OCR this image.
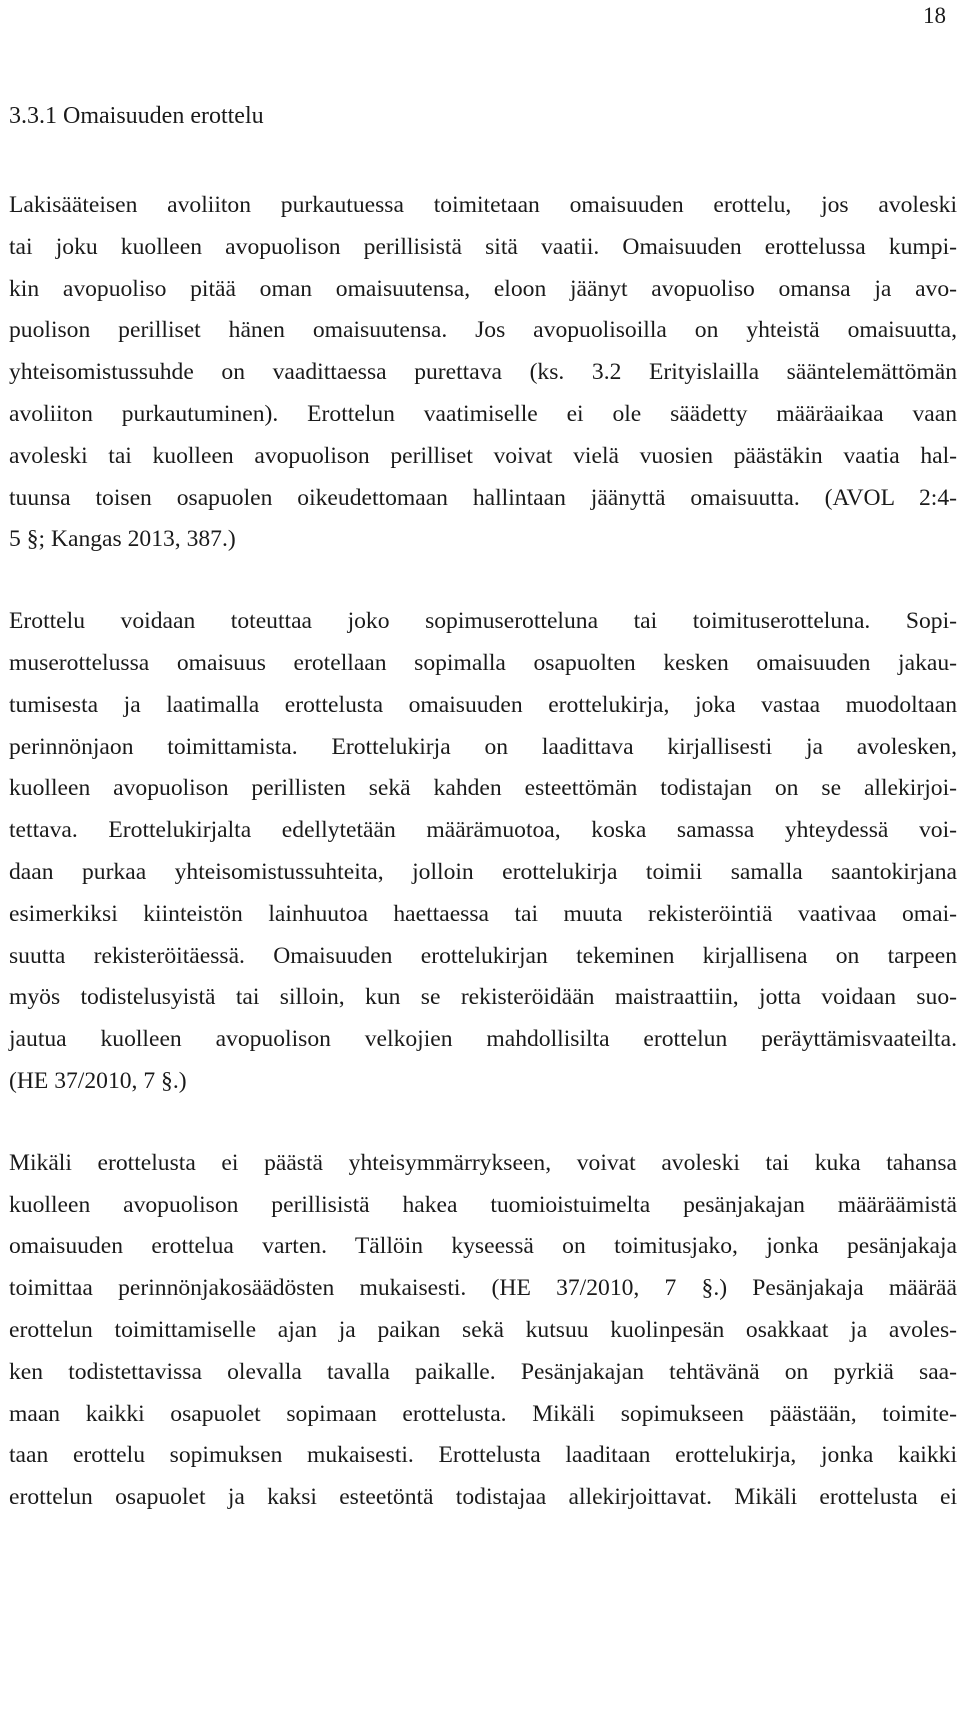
18
3.3.1 Omaisuuden erottelu

Lakisääteisen avoliiton purkautuessa toimitetaan omaisuuden erottelu, jos avoleski
tai joku kuolleen avopuolison perillisistä sitä vaatii. Omaisuuden erottelussa kumpi-
kin avopuoliso pitää oman omaisuutensa, eloon jäänyt avopuoliso omansa ja avo-
puolison perilliset hänen omaisuutensa. Jos avopuolisoilla on yhteistä omaisuutta,
yhteisomistussuhde on vaadittaessa purettava (ks. 3.2 Erityislailla sääntelemättömän
avoliiton purkautuminen). Erottelun vaatimiselle ei ole säädetty määräaikaa vaan
avoleski tai kuolleen avopuolison perilliset voivat vielä vuosien päästäkin vaatia hal-
tuunsa toisen osapuolen oikeudettomaan hallintaan jäänyttä omaisuutta. (AVOL 2:4-
5 §; Kangas 2013, 387.)

Erottelu voidaan toteuttaa joko sopimuserotteluna tai toimituserotteluna. Sopi-
muserottelussa omaisuus erotellaan sopimalla osapuolten kesken omaisuuden jakau-
tumisesta ja laatimalla erottelusta omaisuuden erottelukirja, joka vastaa muodoltaan
perinnönjaon toimittamista. Erottelukirja on laadittava kirjallisesti ja avolesken,
kuolleen avopuolison perillisten sekä kahden esteettömän todistajan on se allekirjoi-
tettava. Erottelukirjalta edellytetään määrämuotoa, koska samassa yhteydessä voi-
daan purkaa yhteisomistussuhteita, jolloin erottelukirja toimii samalla saantokirjana
esimerkiksi kiinteistön lainhuutoa haettaessa tai muuta rekisteröintiä vaativaa omai-
suutta rekisteröitäessä. Omaisuuden erottelukirjan tekeminen kirjallisena on tarpeen
myös todistelusyistä tai silloin, kun se rekisteröidään maistraattiin, jotta voidaan suo-
jautua kuolleen avopuolison velkojien mahdollisilta erottelun peräyttämisvaateilta.
(HE 37/2010, 7 §.)

Mikäli erottelusta ei päästä yhteisymmärrykseen, voivat avoleski tai kuka tahansa
kuolleen avopuolison perillisistä hakea tuomioistuimelta pesänjakajan määräämistä
omaisuuden erottelua varten. Tällöin kyseessä on toimitusjako, jonka pesänjakaja
toimittaa perinnönjakosäädösten mukaisesti. (HE 37/2010, 7 §.) Pesänjakaja määrää
erottelun toimittamiselle ajan ja paikan sekä kutsuu kuolinpesän osakkaat ja avoles-
ken todistettavissa olevalla tavalla paikalle. Pesänjakajan tehtävänä on pyrkiä saa-
maan kaikki osapuolet sopimaan erottelusta. Mikäli sopimukseen päästään, toimite-
taan erottelu sopimuksen mukaisesti. Erottelusta laaditaan erottelukirja, jonka kaikki
erottelun osapuolet ja kaksi esteetöntä todistajaa allekirjoittavat. Mikäli erottelusta ei
